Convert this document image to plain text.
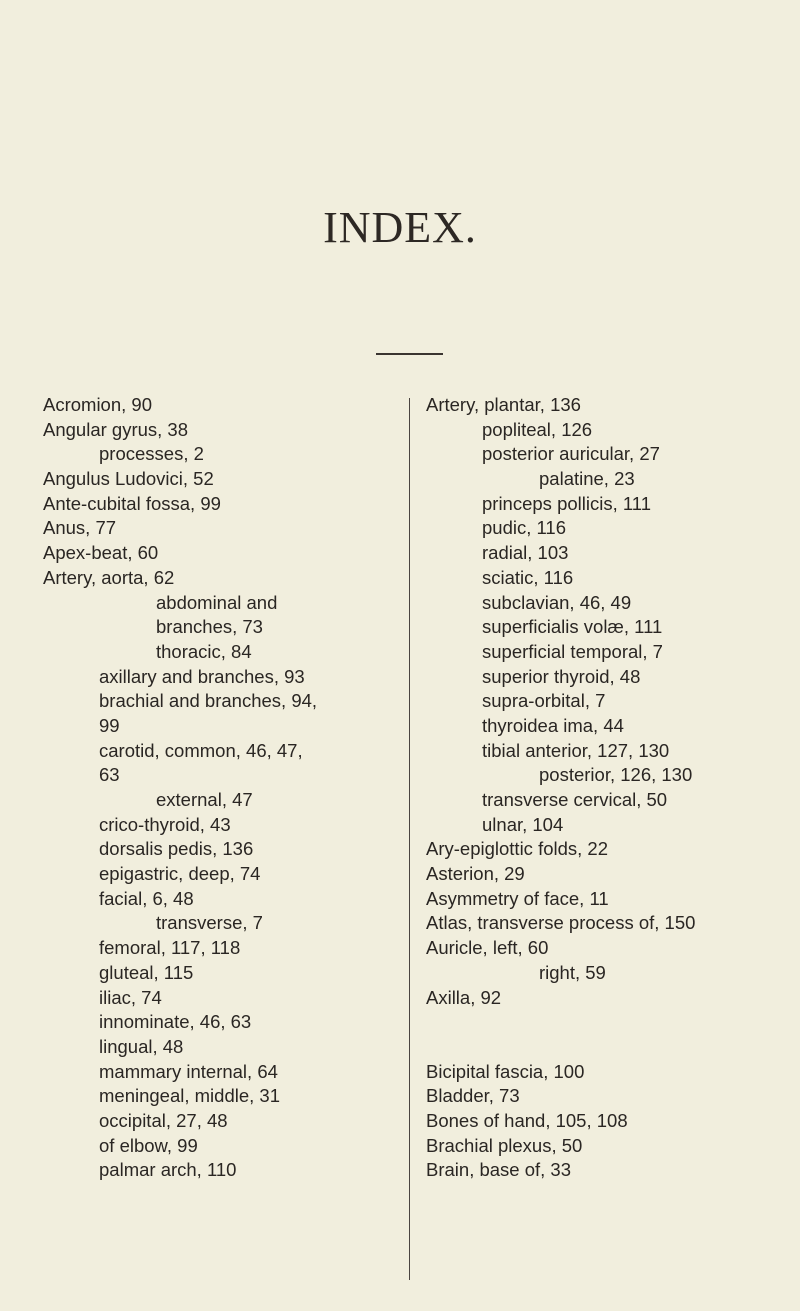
INDEX.
Acromion, 90
Angular gyrus, 38
processes, 2
Angulus Ludovici, 52
Ante-cubital fossa, 99
Anus, 77
Apex-beat, 60
Artery, aorta, 62
abdominal and
branches, 73
thoracic, 84
axillary and branches, 93
brachial and branches, 94,
99
carotid, common, 46, 47,
63
external, 47
crico-thyroid, 43
dorsalis pedis, 136
epigastric, deep, 74
facial, 6, 48
transverse, 7
femoral, 117, 118
gluteal, 115
iliac, 74
innominate, 46, 63
lingual, 48
mammary internal, 64
meningeal, middle, 31
occipital, 27, 48
of elbow, 99
palmar arch, 110
Artery, plantar, 136
popliteal, 126
posterior auricular, 27
palatine, 23
princeps pollicis, 111
pudic, 116
radial, 103
sciatic, 116
subclavian, 46, 49
superficialis volæ, 111
superficial temporal, 7
superior thyroid, 48
supra-orbital, 7
thyroidea ima, 44
tibial anterior, 127, 130
posterior, 126, 130
transverse cervical, 50
ulnar, 104
Ary-epiglottic folds, 22
Asterion, 29
Asymmetry of face, 11
Atlas, transverse process of, 150
Auricle, left, 60
right, 59
Axilla, 92
Bicipital fascia, 100
Bladder, 73
Bones of hand, 105, 108
Brachial plexus, 50
Brain, base of, 33
